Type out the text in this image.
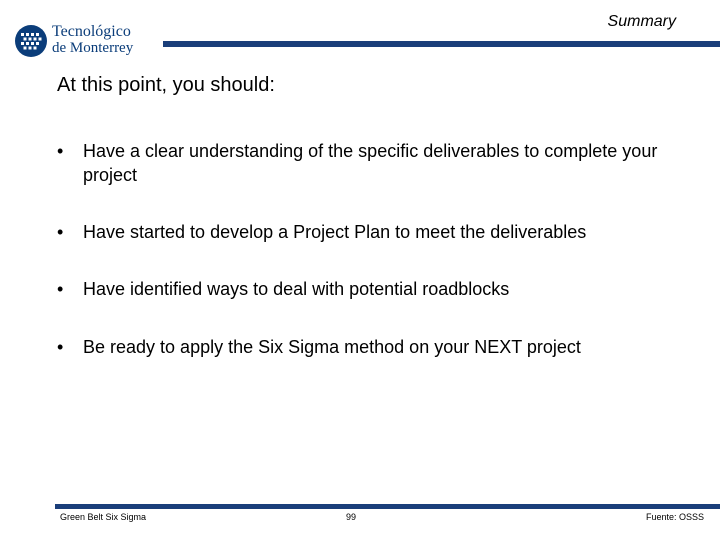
Tecnológico
de Monterrey
Summary
At this point, you should:
• Have a clear understanding of the specific deliverables to complete your project
• Have started to develop a Project Plan to meet the deliverables
• Have identified ways to deal with potential roadblocks
• Be ready to apply the Six Sigma method on your NEXT project
Green Belt Six Sigma	99	Fuente: OSSS
